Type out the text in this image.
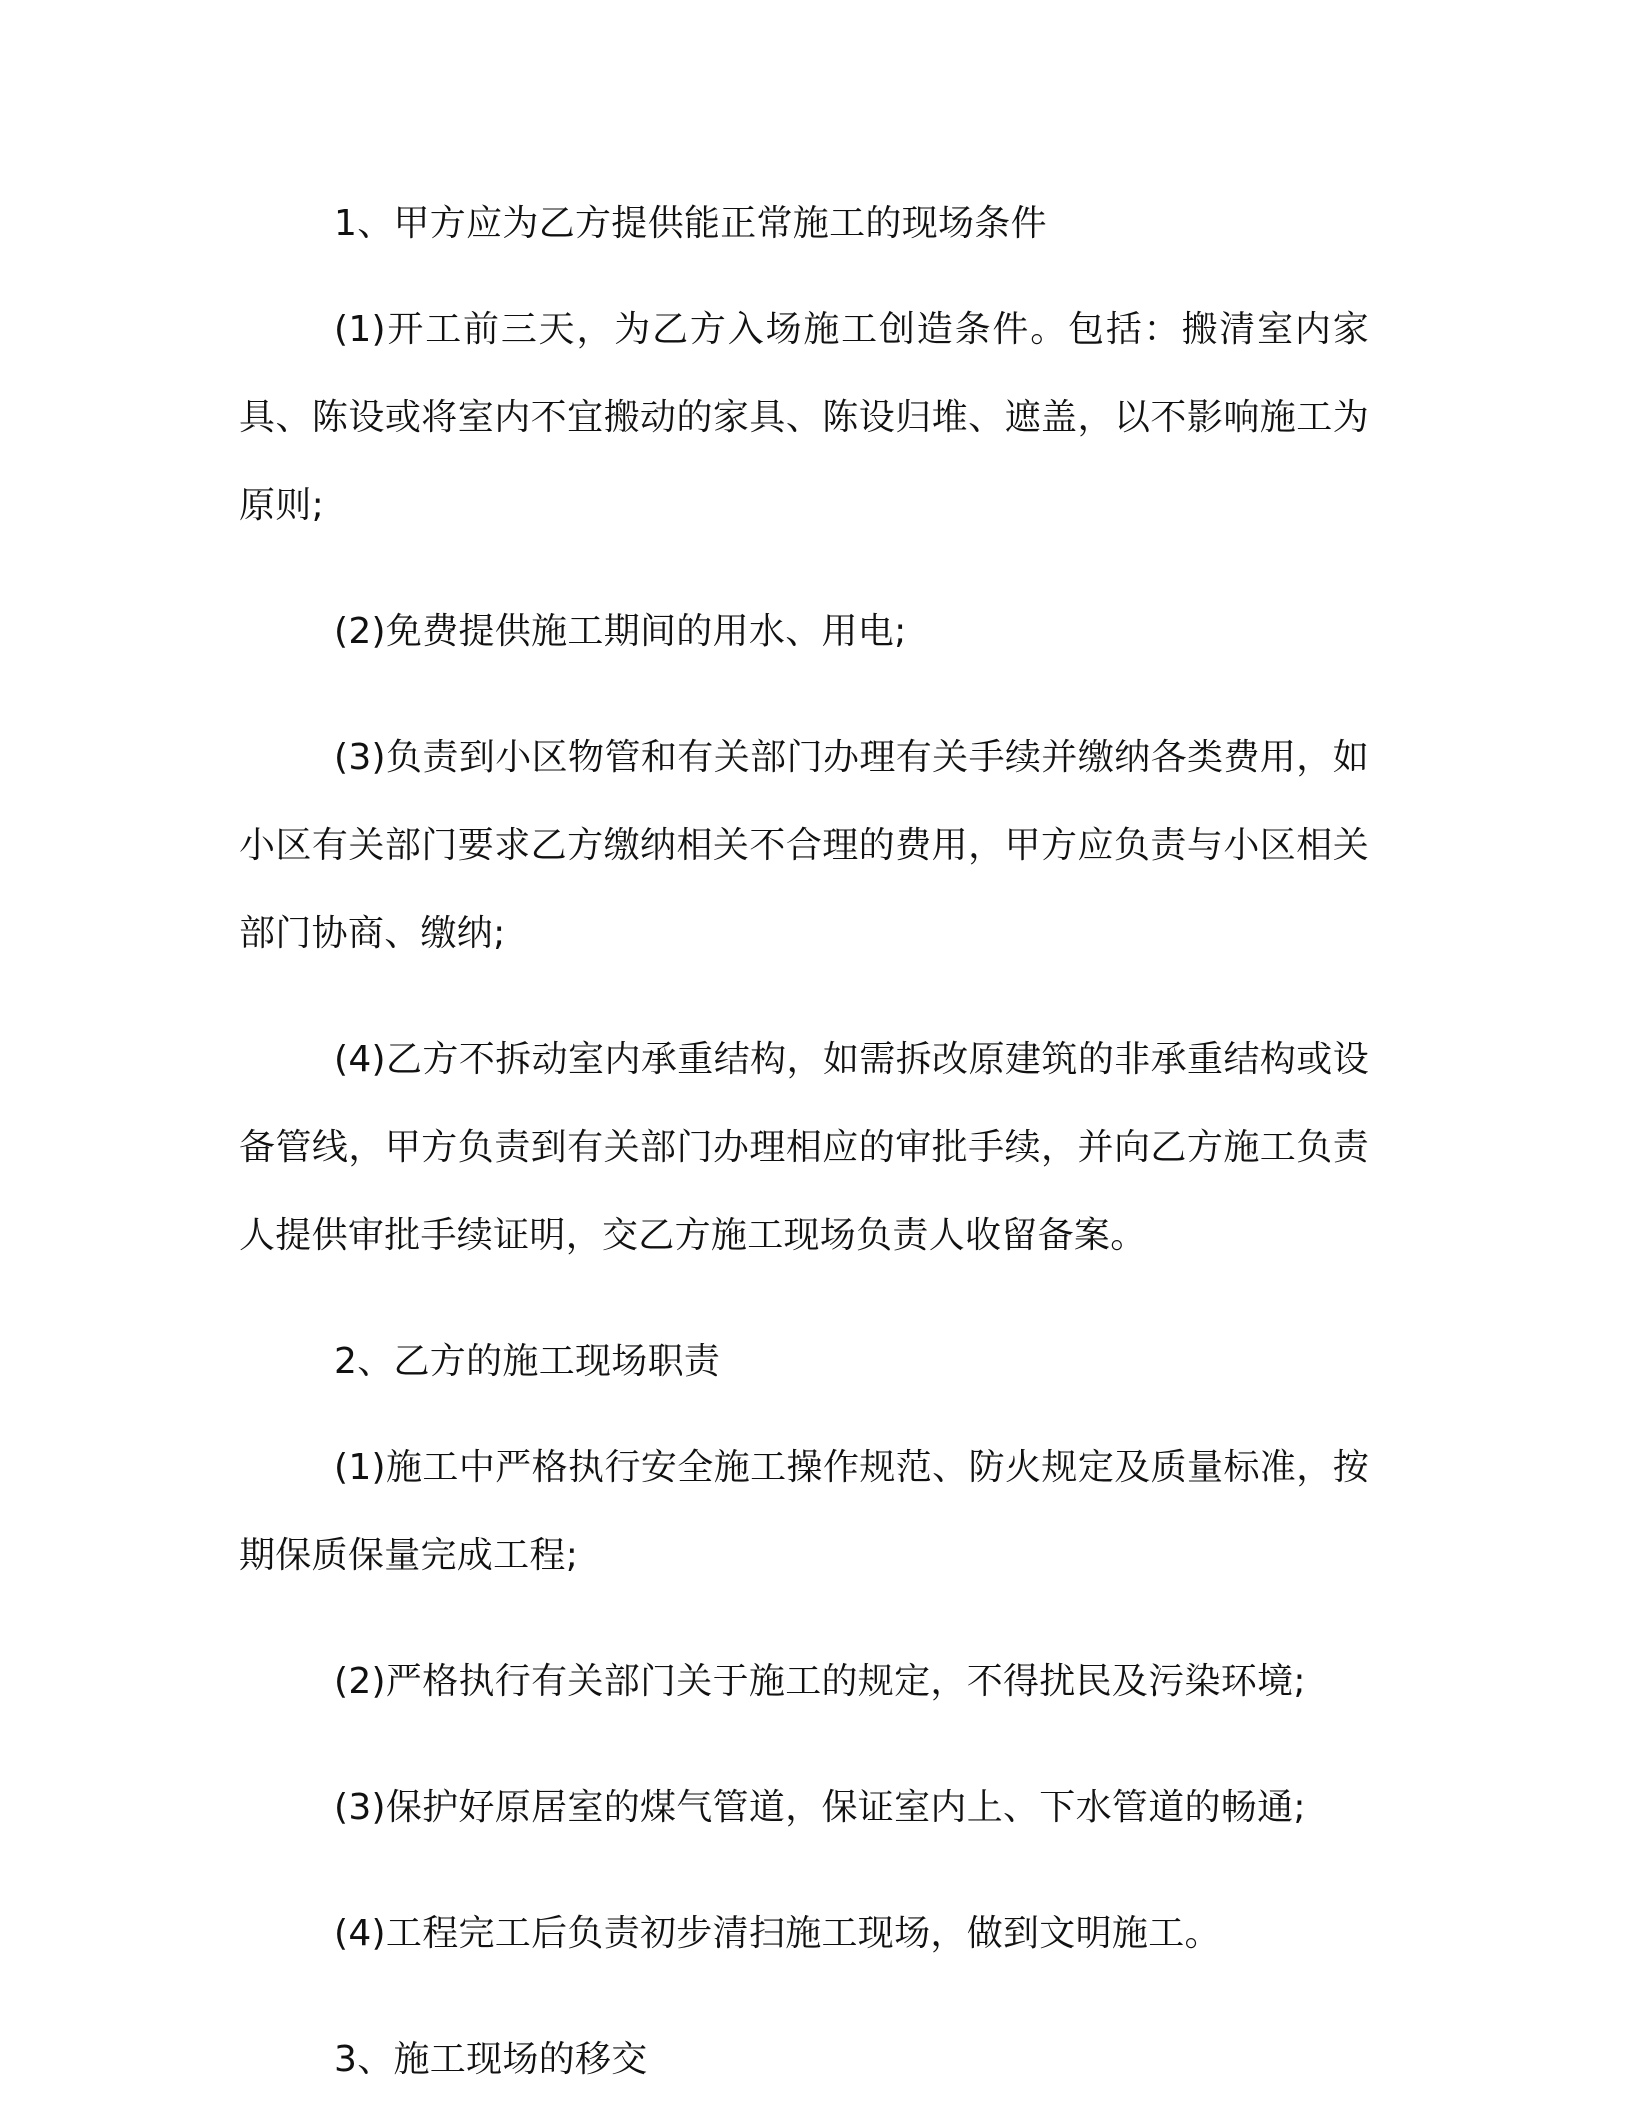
1、甲方应为乙方提供能正常施工的现场条件

(1)开工前三天，为乙方入场施工创造条件。包括：搬清室内家具、陈设或将室内不宜搬动的家具、陈设归堆、遮盖，以不影响施工为原则;

(2)免费提供施工期间的用水、用电;

(3)负责到小区物管和有关部门办理有关手续并缴纳各类费用，如小区有关部门要求乙方缴纳相关不合理的费用，甲方应负责与小区相关部门协商、缴纳;

(4)乙方不拆动室内承重结构，如需拆改原建筑的非承重结构或设备管线，甲方负责到有关部门办理相应的审批手续，并向乙方施工负责人提供审批手续证明，交乙方施工现场负责人收留备案。

2、乙方的施工现场职责

(1)施工中严格执行安全施工操作规范、防火规定及质量标准，按期保质保量完成工程;

(2)严格执行有关部门关于施工的规定，不得扰民及污染环境;

(3)保护好原居室的煤气管道，保证室内上、下水管道的畅通;

(4)工程完工后负责初步清扫施工现场，做到文明施工。

3、施工现场的移交
